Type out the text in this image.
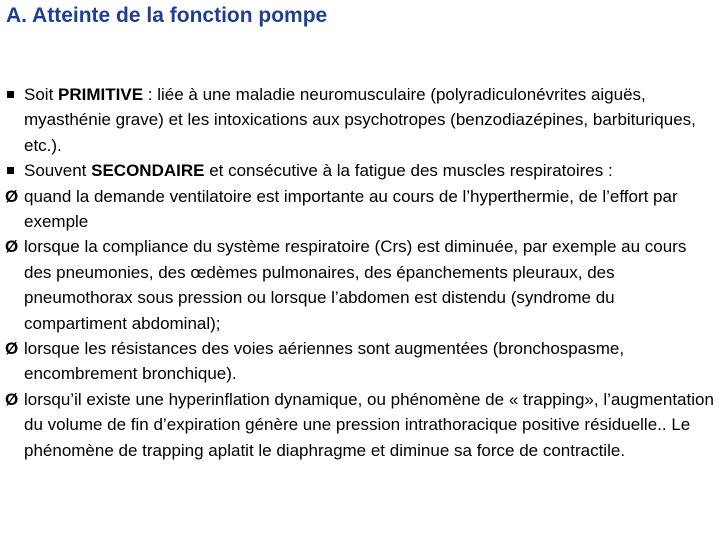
A. Atteinte de la fonction pompe
Soit PRIMITIVE : liée à une maladie neuromusculaire (polyradiculonévrites aiguës, myasthénie grave) et les intoxications aux psychotropes (benzodiazépines, barbituriques, etc.).
Souvent SECONDAIRE et consécutive à la fatigue des muscles respiratoires :
Ø quand la demande ventilatoire est importante au cours de l’hyperthermie, de l’effort par exemple
Ø lorsque la compliance du système respiratoire (Crs) est diminuée, par exemple au cours des pneumonies, des œdèmes pulmonaires, des épanchements pleuraux, des pneumothorax sous pression ou lorsque l’abdomen est distendu (syndrome du compartiment abdominal);
Ø lorsque les résistances des voies aériennes sont augmentées (bronchospasme, encombrement bronchique).
Ø lorsqu’il existe une hyperinflation dynamique, ou phénomène de « trapping», l’augmentation du volume de fin d’expiration génère une pression intrathoracique positive résiduelle.. Le phénomène de trapping aplatit le diaphragme et diminue sa force de contractile.
